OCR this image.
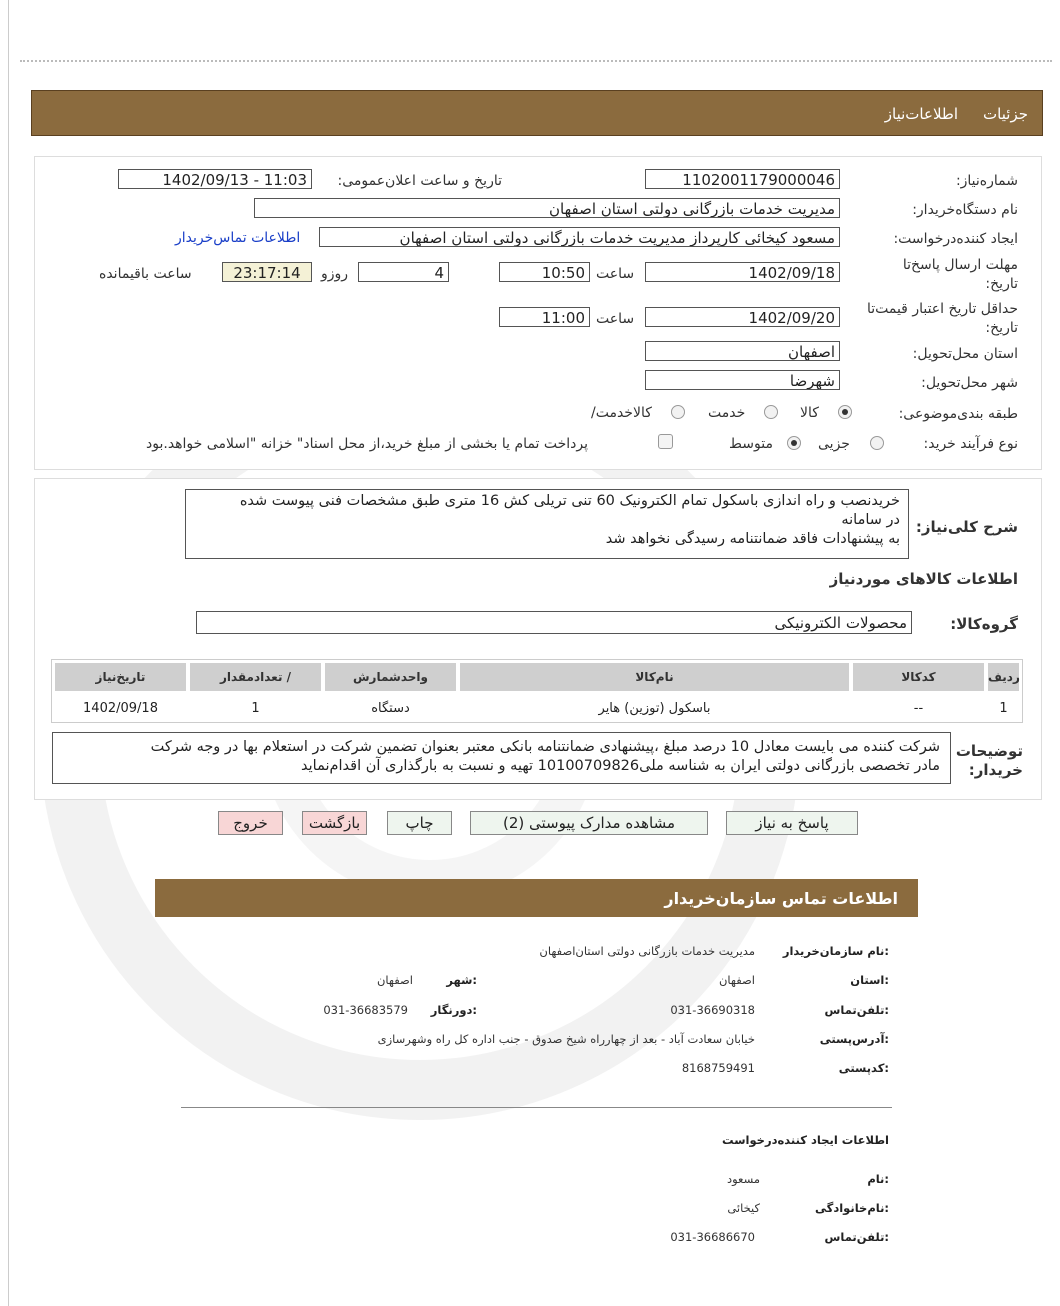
جزئیات
اطلاعات‌نیاز
شماره‌نیاز:
1102001179000046
تاریخ و ساعت اعلان‌عمومی:
1402/09/13 - 11:03
نام دستگاه‌خریدار:
مدیریت خدمات بازرگانی دولتی استان اصفهان
ایجاد کننده‌درخواست:
مسعود کیخائی کارپرداز مدیریت خدمات بازرگانی دولتی استان اصفهان
اطلاعات تماس‌خریدار
مهلت ارسال پاسخ‌تا
تاریخ:
1402/09/18
ساعت
10:50
4
روزو
23:17:14
ساعت باقیمانده
حداقل تاریخ اعتبار قیمت‌تا
تاریخ:
1402/09/20
ساعت
11:00
استان محل‌تحویل:
اصفهان
شهر محل‌تحویل:
شهرضا
طبقه بندی‌موضوعی:
کالا
خدمت
کالا‌خدمت/
نوع فرآیند خرید:
جزیی
متوسط
پرداخت تمام یا بخشی از مبلغ خرید،از محل اسناد" خزانه "اسلامی خواهد.بود
شرح کلی‌نیاز:
خریدنصب و راه اندازی باسکول تمام الکترونیک 60 تنی تریلی کش 16 متری طبق مشخصات فنی پیوست شده
در سامانه
به پیشنهادات فاقد ضمانتنامه رسیدگی نخواهد شد
اطلاعات کالاهای موردنیاز
گروه‌کالا:
محصولات الکترونیکی
ردیف
کدکالا
نام‌کالا
واحدشمارش
تعدادمقدار /
تاریخ‌نیاز
1
--
باسکول (توزین) هایر
دستگاه
1
1402/09/18
توضیحات
خریدار:
شرکت کننده می بایست معادل 10 درصد مبلغ ،پیشنهادی ضمانتنامه بانکی معتبر بعنوان تضمین شرکت در استعلام بها در وجه شرکت
مادر تخصصی بازرگانی دولتی ایران به شناسه ملی10100709826 تهیه و نسبت به بارگذاری آن اقدام‌نماید
پاسخ به نیاز
مشاهده مدارک پیوستی (2)
چاپ
بازگشت
خروج
اطلاعات تماس سازمان‌خریدار
نام سازمان‌خریدار:
مدیریت خدمات بازرگانی دولتی استان‌اصفهان
استان:
اصفهان
شهر:
اصفهان
تلفن‌تماس:
031-36690318
دورنگار:
031-36683579
آدرس‌پستی:
خیابان سعادت آباد - بعد از چهارراه شیخ صدوق - جنب اداره کل راه وشهرسازی
کدپستی:
8168759491
اطلاعات ایجاد کننده‌درخواست
نام:
مسعود
نام‌خانوادگی:
کیخائی
تلفن‌تماس:
031-36686670
